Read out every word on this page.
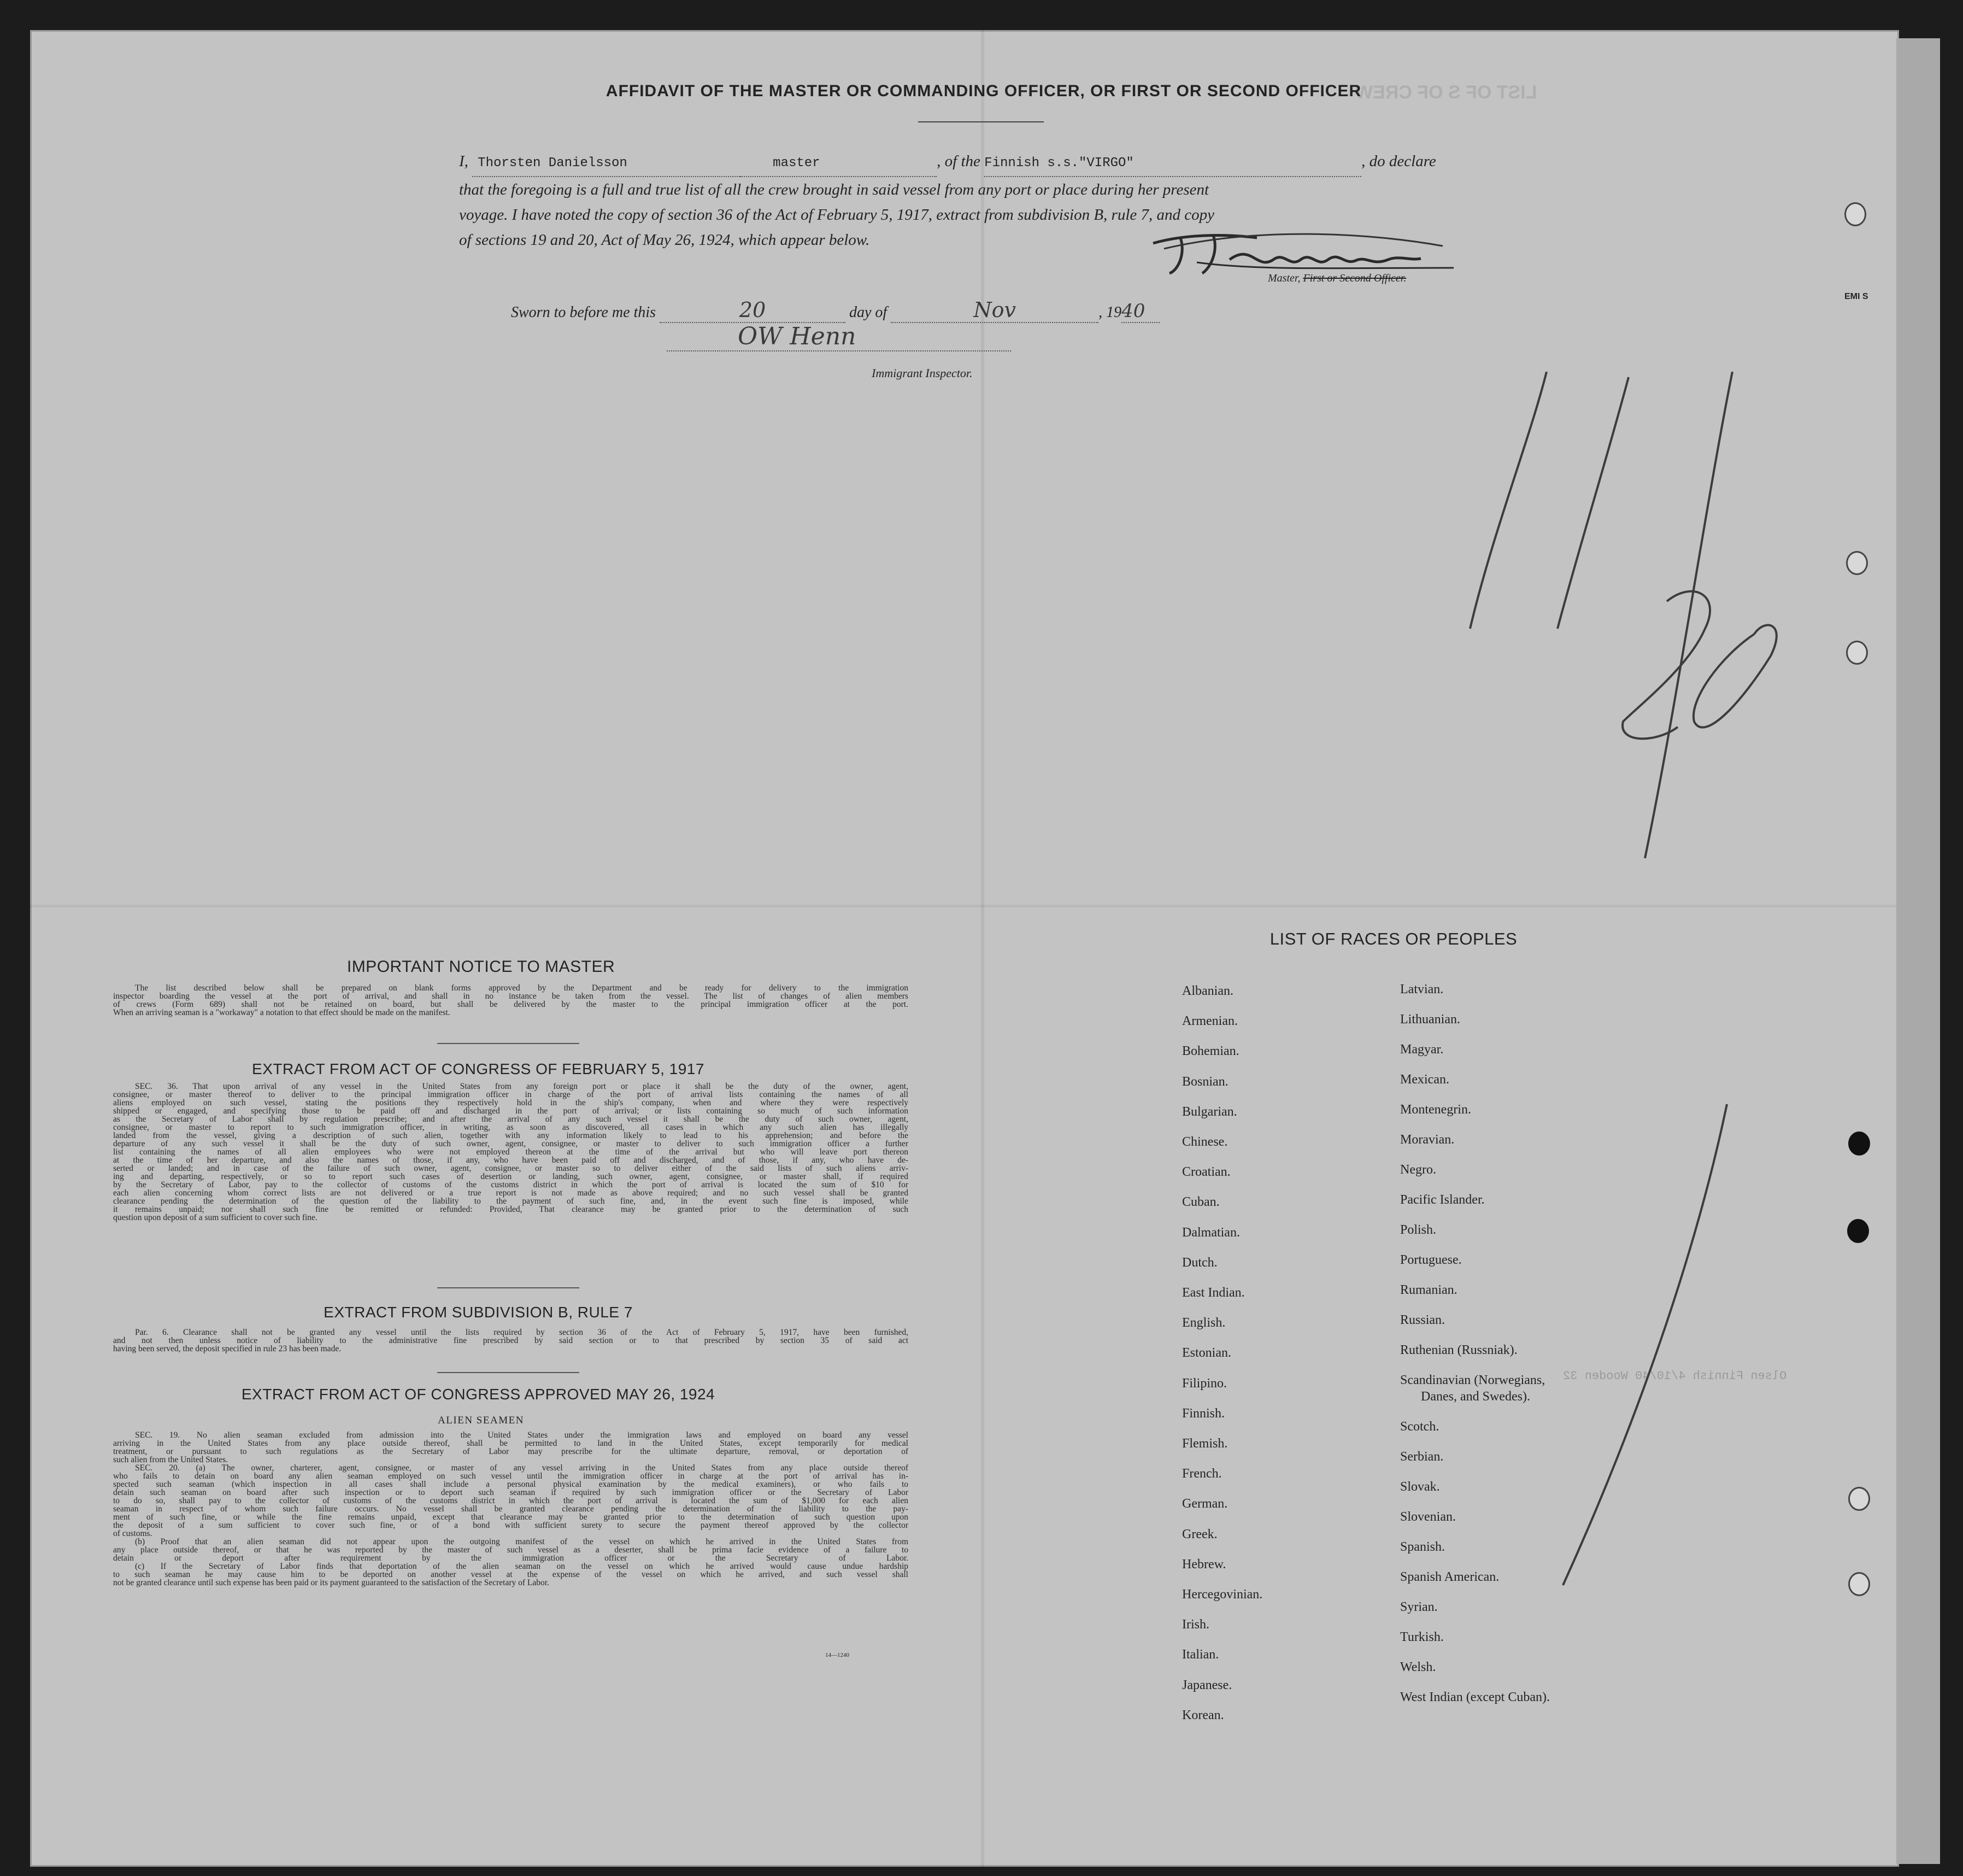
LIST OF S OF CREW
Olsen Finnish 4/10/40 Wooden 32
AFFIDAVIT OF THE MASTER OR COMMANDING OFFICER, OR FIRST OR SECOND OFFICER
I, Thorsten Danielsson	master	, of the Finnish s.s."VIRGO"	, do declare
that the foregoing is a full and true list of all the crew brought in said vessel from any port or place during her present
voyage. I have noted the copy of section 36 of the Act of February 5, 1917, extract from subdivision B, rule 7, and copy
of sections 19 and 20, Act of May 26, 1924, which appear below.
Master, First or Second Officer.
Sworn to before me this	20	day of	Nov	, 1940
OW Henn
Immigrant Inspector.
EMI S
IMPORTANT NOTICE TO MASTER
The list described below shall be prepared on blank forms approved by the Department and be ready for delivery to the immigration
inspector boarding the vessel at the port of arrival, and shall in no instance be taken from the vessel. The list of changes of alien members
of crews (Form 689) shall not be retained on board, but shall be delivered by the master to the principal immigration officer at the port.
When an arriving seaman is a "workaway" a notation to that effect should be made on the manifest.
EXTRACT FROM ACT OF CONGRESS OF FEBRUARY 5, 1917
SEC. 36. That upon arrival of any vessel in the United States from any foreign port or place it shall be the duty of the owner, agent,
consignee, or master thereof to deliver to the principal immigration officer in charge of the port of arrival lists containing the names of all
aliens employed on such vessel, stating the positions they respectively hold in the ship's company, when and where they were respectively
shipped or engaged, and specifying those to be paid off and discharged in the port of arrival; or lists containing so much of such information
as the Secretary of Labor shall by regulation prescribe; and after the arrival of any such vessel it shall be the duty of such owner, agent,
consignee, or master to report to such immigration officer, in writing, as soon as discovered, all cases in which any such alien has illegally
landed from the vessel, giving a description of such alien, together with any information likely to lead to his apprehension; and before the
departure of any such vessel it shall be the duty of such owner, agent, consignee, or master to deliver to such immigration officer a further
list containing the names of all alien employees who were not employed thereon at the time of the arrival but who will leave port thereon
at the time of her departure, and also the names of those, if any, who have been paid off and discharged, and of those, if any, who have de-
serted or landed; and in case of the failure of such owner, agent, consignee, or master so to deliver either of the said lists of such aliens arriv-
ing and departing, respectively, or so to report such cases of desertion or landing, such owner, agent, consignee, or master shall, if required
by the Secretary of Labor, pay to the collector of customs of the customs district in which the port of arrival is located the sum of $10 for
each alien concerning whom correct lists are not delivered or a true report is not made as above required; and no such vessel shall be granted
clearance pending the determination of the question of the liability to the payment of such fine, and, in the event such fine is imposed, while
it remains unpaid; nor shall such fine be remitted or refunded: Provided, That clearance may be granted prior to the determination of such
question upon deposit of a sum sufficient to cover such fine.
EXTRACT FROM SUBDIVISION B, RULE 7
Par. 6. Clearance shall not be granted any vessel until the lists required by section 36 of the Act of February 5, 1917, have been furnished,
and not then unless notice of liability to the administrative fine prescribed by said section or to that prescribed by section 35 of said act
having been served, the deposit specified in rule 23 has been made.
EXTRACT FROM ACT OF CONGRESS APPROVED MAY 26, 1924
ALIEN SEAMEN
SEC. 19. No alien seaman excluded from admission into the United States under the immigration laws and employed on board any vessel
arriving in the United States from any place outside thereof, shall be permitted to land in the United States, except temporarily for medical
treatment, or pursuant to such regulations as the Secretary of Labor may prescribe for the ultimate departure, removal, or deportation of
such alien from the United States.
SEC. 20. (a) The owner, charterer, agent, consignee, or master of any vessel arriving in the United States from any place outside thereof
who fails to detain on board any alien seaman employed on such vessel until the immigration officer in charge at the port of arrival has in-
spected such seaman (which inspection in all cases shall include a personal physical examination by the medical examiners), or who fails to
detain such seaman on board after such inspection or to deport such seaman if required by such immigration officer or the Secretary of Labor
to do so, shall pay to the collector of customs of the customs district in which the port of arrival is located the sum of $1,000 for each alien
seaman in respect of whom such failure occurs. No vessel shall be granted clearance pending the determination of the liability to the pay-
ment of such fine, or while the fine remains unpaid, except that clearance may be granted prior to the determination of such question upon
the deposit of a sum sufficient to cover such fine, or of a bond with sufficient surety to secure the payment thereof approved by the collector
of customs.
(b) Proof that an alien seaman did not appear upon the outgoing manifest of the vessel on which he arrived in the United States from
any place outside thereof, or that he was reported by the master of such vessel as a deserter, shall be prima facie evidence of a failure to
detain or deport after requirement by the immigration officer or the Secretary of Labor.
(c) If the Secretary of Labor finds that deportation of the alien seaman on the vessel on which he arrived would cause undue hardship
to such seaman he may cause him to be deported on another vessel at the expense of the vessel on which he arrived, and such vessel shall
not be granted clearance until such expense has been paid or its payment guaranteed to the satisfaction of the Secretary of Labor.
14—1240
LIST OF RACES OR PEOPLES
Albanian.
Armenian.
Bohemian.
Bosnian.
Bulgarian.
Chinese.
Croatian.
Cuban.
Dalmatian.
Dutch.
East Indian.
English.
Estonian.
Filipino.
Finnish.
Flemish.
French.
German.
Greek.
Hebrew.
Hercegovinian.
Irish.
Italian.
Japanese.
Korean.
Latvian.
Lithuanian.
Magyar.
Mexican.
Montenegrin.
Moravian.
Negro.
Pacific Islander.
Polish.
Portuguese.
Rumanian.
Russian.
Ruthenian (Russniak).
Scandinavian (Norwegians,
Danes, and Swedes).
Scotch.
Serbian.
Slovak.
Slovenian.
Spanish.
Spanish American.
Syrian.
Turkish.
Welsh.
West Indian (except Cuban).
